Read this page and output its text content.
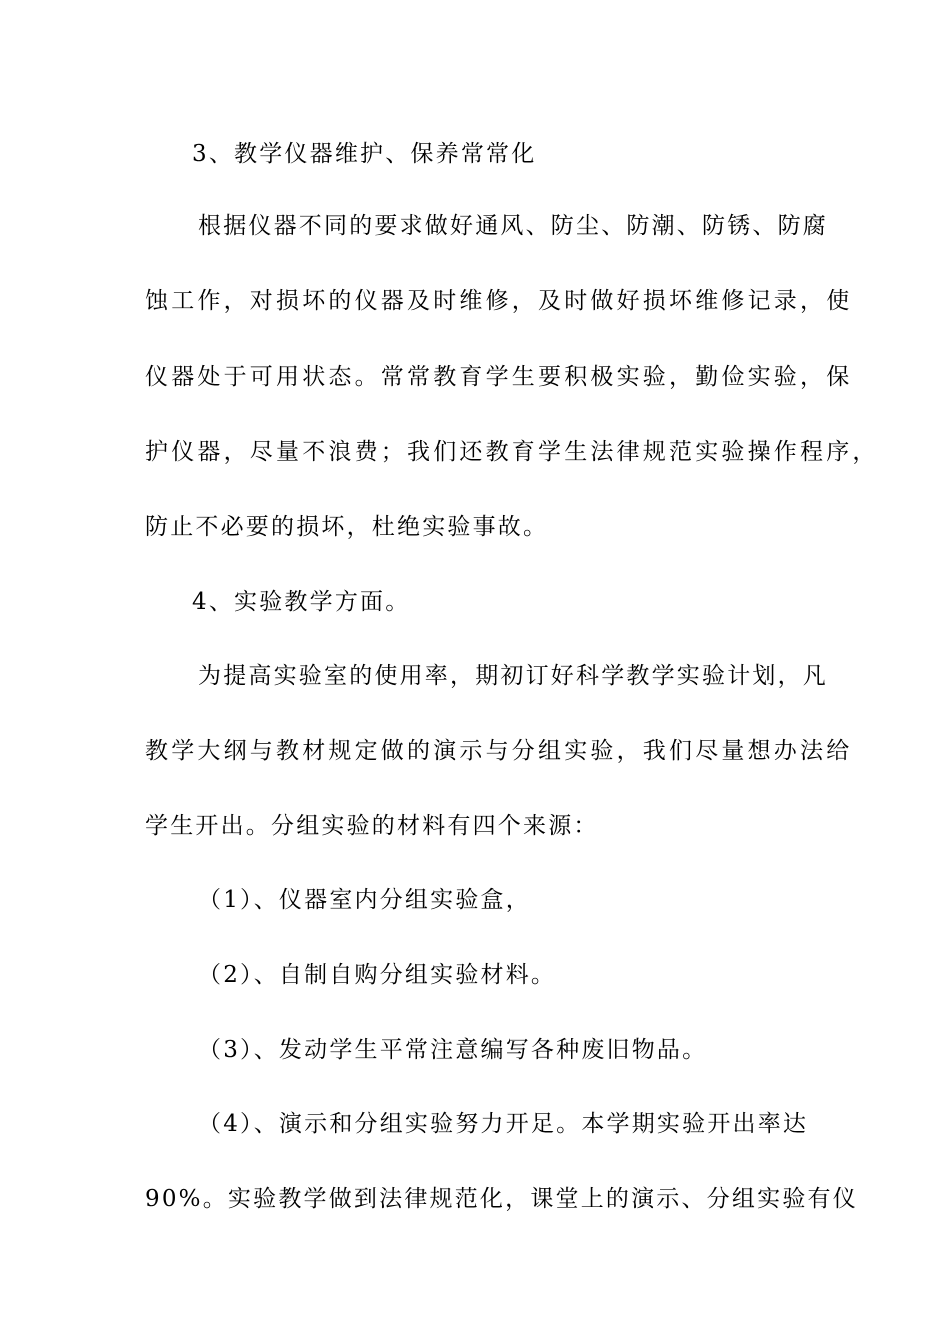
3、教学仪器维护、保养常常化
根据仪器不同的要求做好通风、防尘、防潮、防锈、防腐
蚀工作，对损坏的仪器及时维修，及时做好损坏维修记录，使
仪器处于可用状态。常常教育学生要积极实验，勤俭实验，保
护仪器，尽量不浪费；我们还教育学生法律规范实验操作程序，
防止不必要的损坏，杜绝实验事故。
4、实验教学方面。
为提高实验室的使用率，期初订好科学教学实验计划，凡
教学大纲与教材规定做的演示与分组实验，我们尽量想办法给
学生开出。分组实验的材料有四个来源：
（1）、仪器室内分组实验盒，
（2）、自制自购分组实验材料。
（3）、发动学生平常注意编写各种废旧物品。
（4）、演示和分组实验努力开足。本学期实验开出率达
90%。实验教学做到法律规范化，课堂上的演示、分组实验有仪
